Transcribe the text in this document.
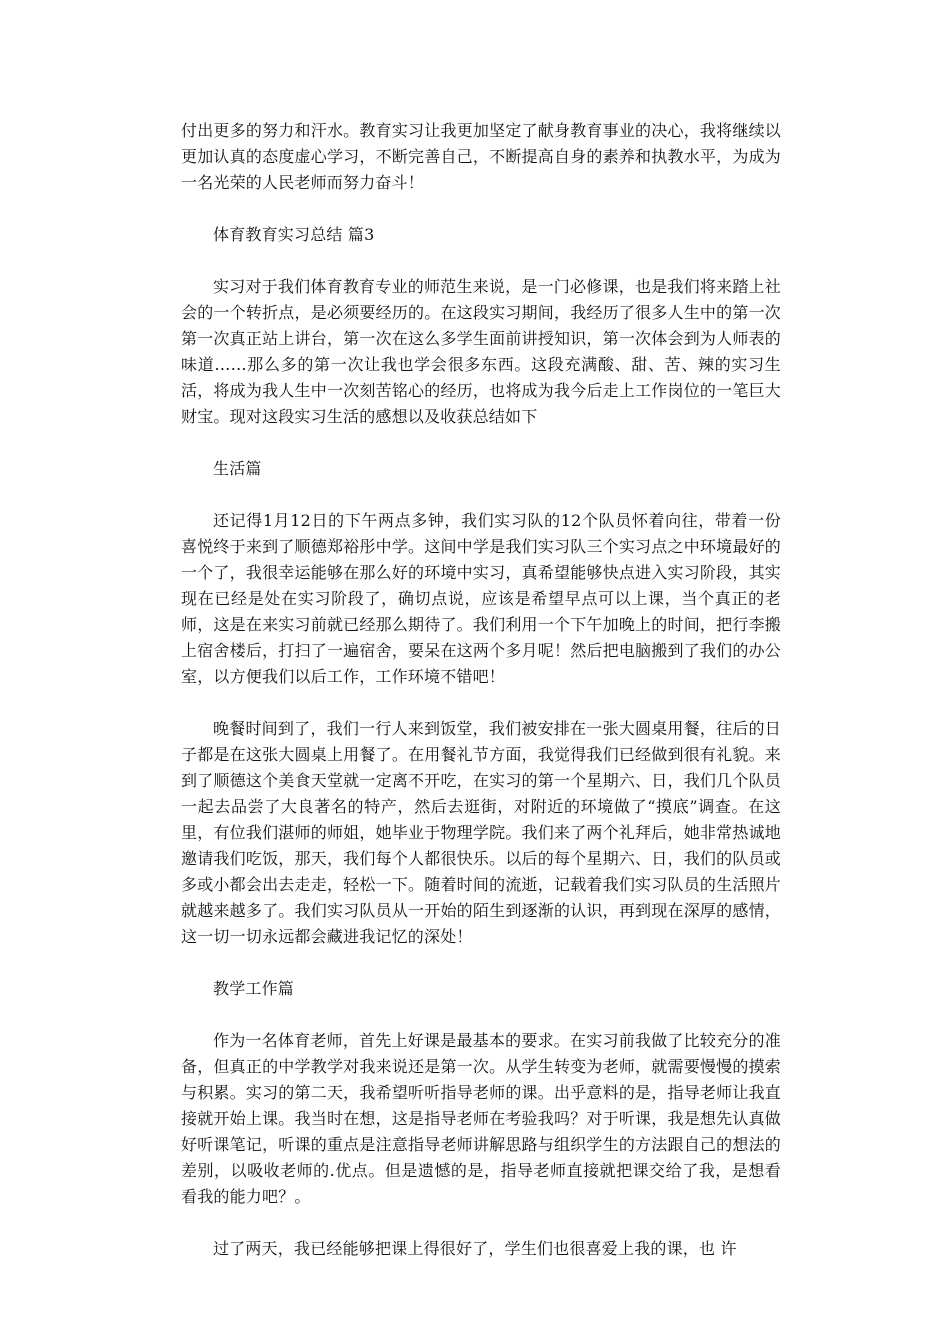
付出更多的努力和汗水。教育实习让我更加坚定了献身教育事业的决心，我将继续以更加认真的态度虚心学习，不断完善自己，不断提高自身的素养和执教水平，为成为一名光荣的人民老师而努力奋斗！

体育教育实习总结 篇3

实习对于我们体育教育专业的师范生来说，是一门必修课，也是我们将来踏上社会的一个转折点，是必须要经历的。在这段实习期间，我经历了很多人生中的第一次第一次真正站上讲台，第一次在这么多学生面前讲授知识，第一次体会到为人师表的味道……那么多的第一次让我也学会很多东西。这段充满酸、甜、苦、辣的实习生活，将成为我人生中一次刻苦铭心的经历，也将成为我今后走上工作岗位的一笔巨大财宝。现对这段实习生活的感想以及收获总结如下

生活篇

还记得1月12日的下午两点多钟，我们实习队的12个队员怀着向往，带着一份喜悦终于来到了顺德郑裕彤中学。这间中学是我们实习队三个实习点之中环境最好的一个了，我很幸运能够在那么好的环境中实习，真希望能够快点进入实习阶段，其实现在已经是处在实习阶段了，确切点说，应该是希望早点可以上课，当个真正的老师，这是在来实习前就已经那么期待了。我们利用一个下午加晚上的时间，把行李搬上宿舍楼后，打扫了一遍宿舍，要呆在这两个多月呢！然后把电脑搬到了我们的办公室，以方便我们以后工作，工作环境不错吧！

晚餐时间到了，我们一行人来到饭堂，我们被安排在一张大圆桌用餐，往后的日子都是在这张大圆桌上用餐了。在用餐礼节方面，我觉得我们已经做到很有礼貌。来到了顺德这个美食天堂就一定离不开吃，在实习的第一个星期六、日，我们几个队员一起去品尝了大良著名的特产，然后去逛街，对附近的环境做了“摸底”调查。在这里，有位我们湛师的师姐，她毕业于物理学院。我们来了两个礼拜后，她非常热诚地邀请我们吃饭，那天，我们每个人都很快乐。以后的每个星期六、日，我们的队员或多或小都会出去走走，轻松一下。随着时间的流逝，记载着我们实习队员的生活照片就越来越多了。我们实习队员从一开始的陌生到逐渐的认识，再到现在深厚的感情，这一切一切永远都会藏进我记忆的深处！

教学工作篇

作为一名体育老师，首先上好课是最基本的要求。在实习前我做了比较充分的准备，但真正的中学教学对我来说还是第一次。从学生转变为老师，就需要慢慢的摸索与积累。实习的第二天，我希望听听指导老师的课。出乎意料的是，指导老师让我直接就开始上课。我当时在想，这是指导老师在考验我吗？对于听课，我是想先认真做好听课笔记，听课的重点是注意指导老师讲解思路与组织学生的方法跟自己的想法的差别，以吸收老师的.优点。但是遗憾的是，指导老师直接就把课交给了我，是想看看我的能力吧？。

过了两天，我已经能够把课上得很好了，学生们也很喜爱上我的课，也 许
